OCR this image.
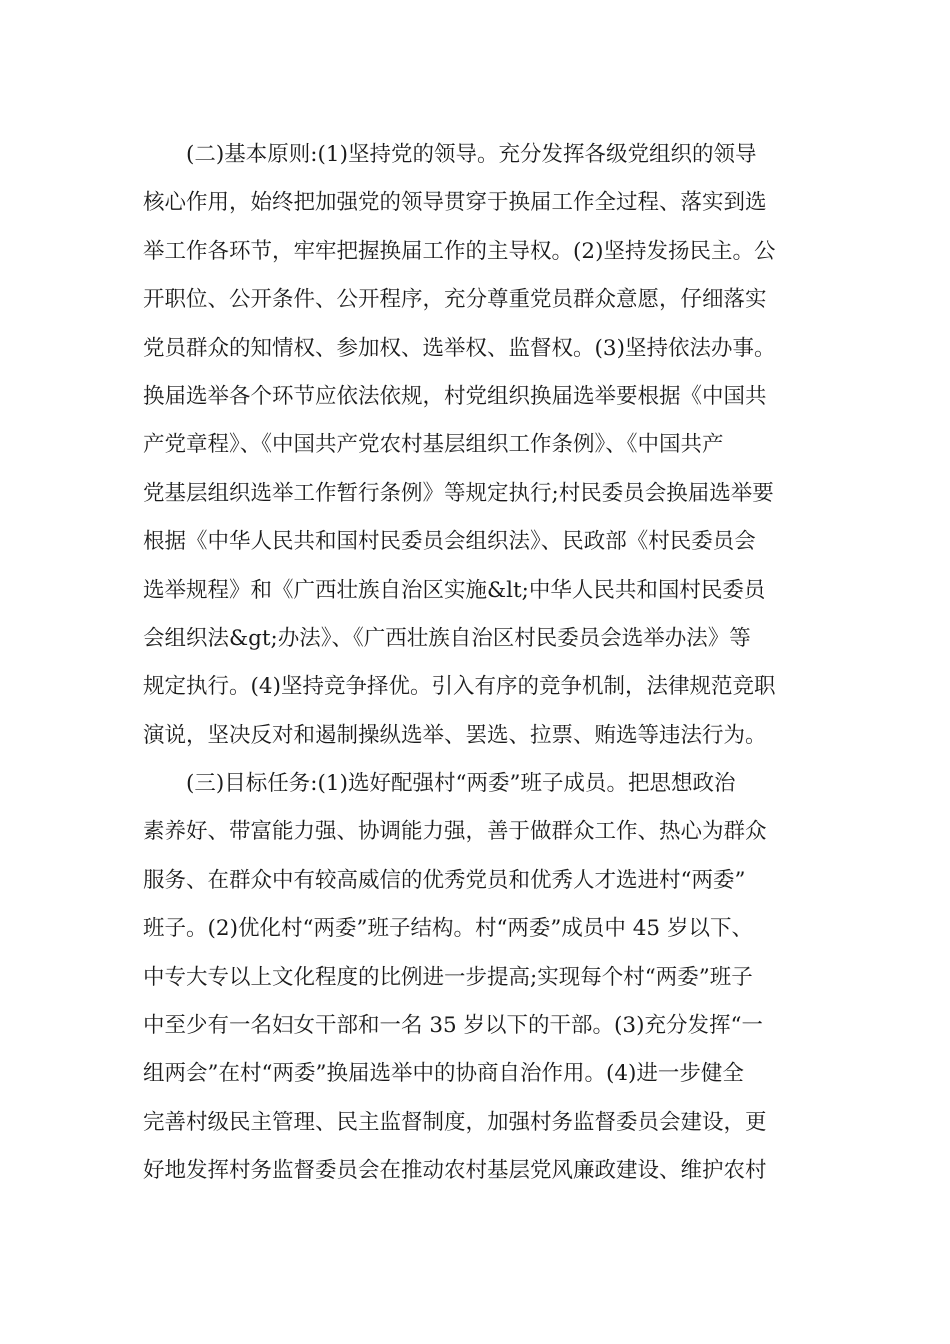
　　(二)基本原则:(1)坚持党的领导。充分发挥各级党组织的领导
核心作用，始终把加强党的领导贯穿于换届工作全过程、落实到选
举工作各环节，牢牢把握换届工作的主导权。(2)坚持发扬民主。公
开职位、公开条件、公开程序，充分尊重党员群众意愿，仔细落实
党员群众的知情权、参加权、选举权、监督权。(3)坚持依法办事。
换届选举各个环节应依法依规，村党组织换届选举要根据《中国共
产党章程》、《中国共产党农村基层组织工作条例》、《中国共产
党基层组织选举工作暂行条例》等规定执行;村民委员会换届选举要
根据《中华人民共和国村民委员会组织法》、民政部《村民委员会
选举规程》和《广西壮族自治区实施&lt;中华人民共和国村民委员
会组织法&gt;办法》、《广西壮族自治区村民委员会选举办法》等
规定执行。(4)坚持竞争择优。引入有序的竞争机制，法律规范竞职
演说，坚决反对和遏制操纵选举、罢选、拉票、贿选等违法行为。
　　(三)目标任务:(1)选好配强村“两委”班子成员。把思想政治
素养好、带富能力强、协调能力强，善于做群众工作、热心为群众
服务、在群众中有较高威信的优秀党员和优秀人才选进村“两委”
班子。(2)优化村“两委”班子结构。村“两委”成员中 45 岁以下、
中专大专以上文化程度的比例进一步提高;实现每个村“两委”班子
中至少有一名妇女干部和一名 35 岁以下的干部。(3)充分发挥“一
组两会”在村“两委”换届选举中的协商自治作用。(4)进一步健全
完善村级民主管理、民主监督制度，加强村务监督委员会建设，更
好地发挥村务监督委员会在推动农村基层党风廉政建设、维护农村
